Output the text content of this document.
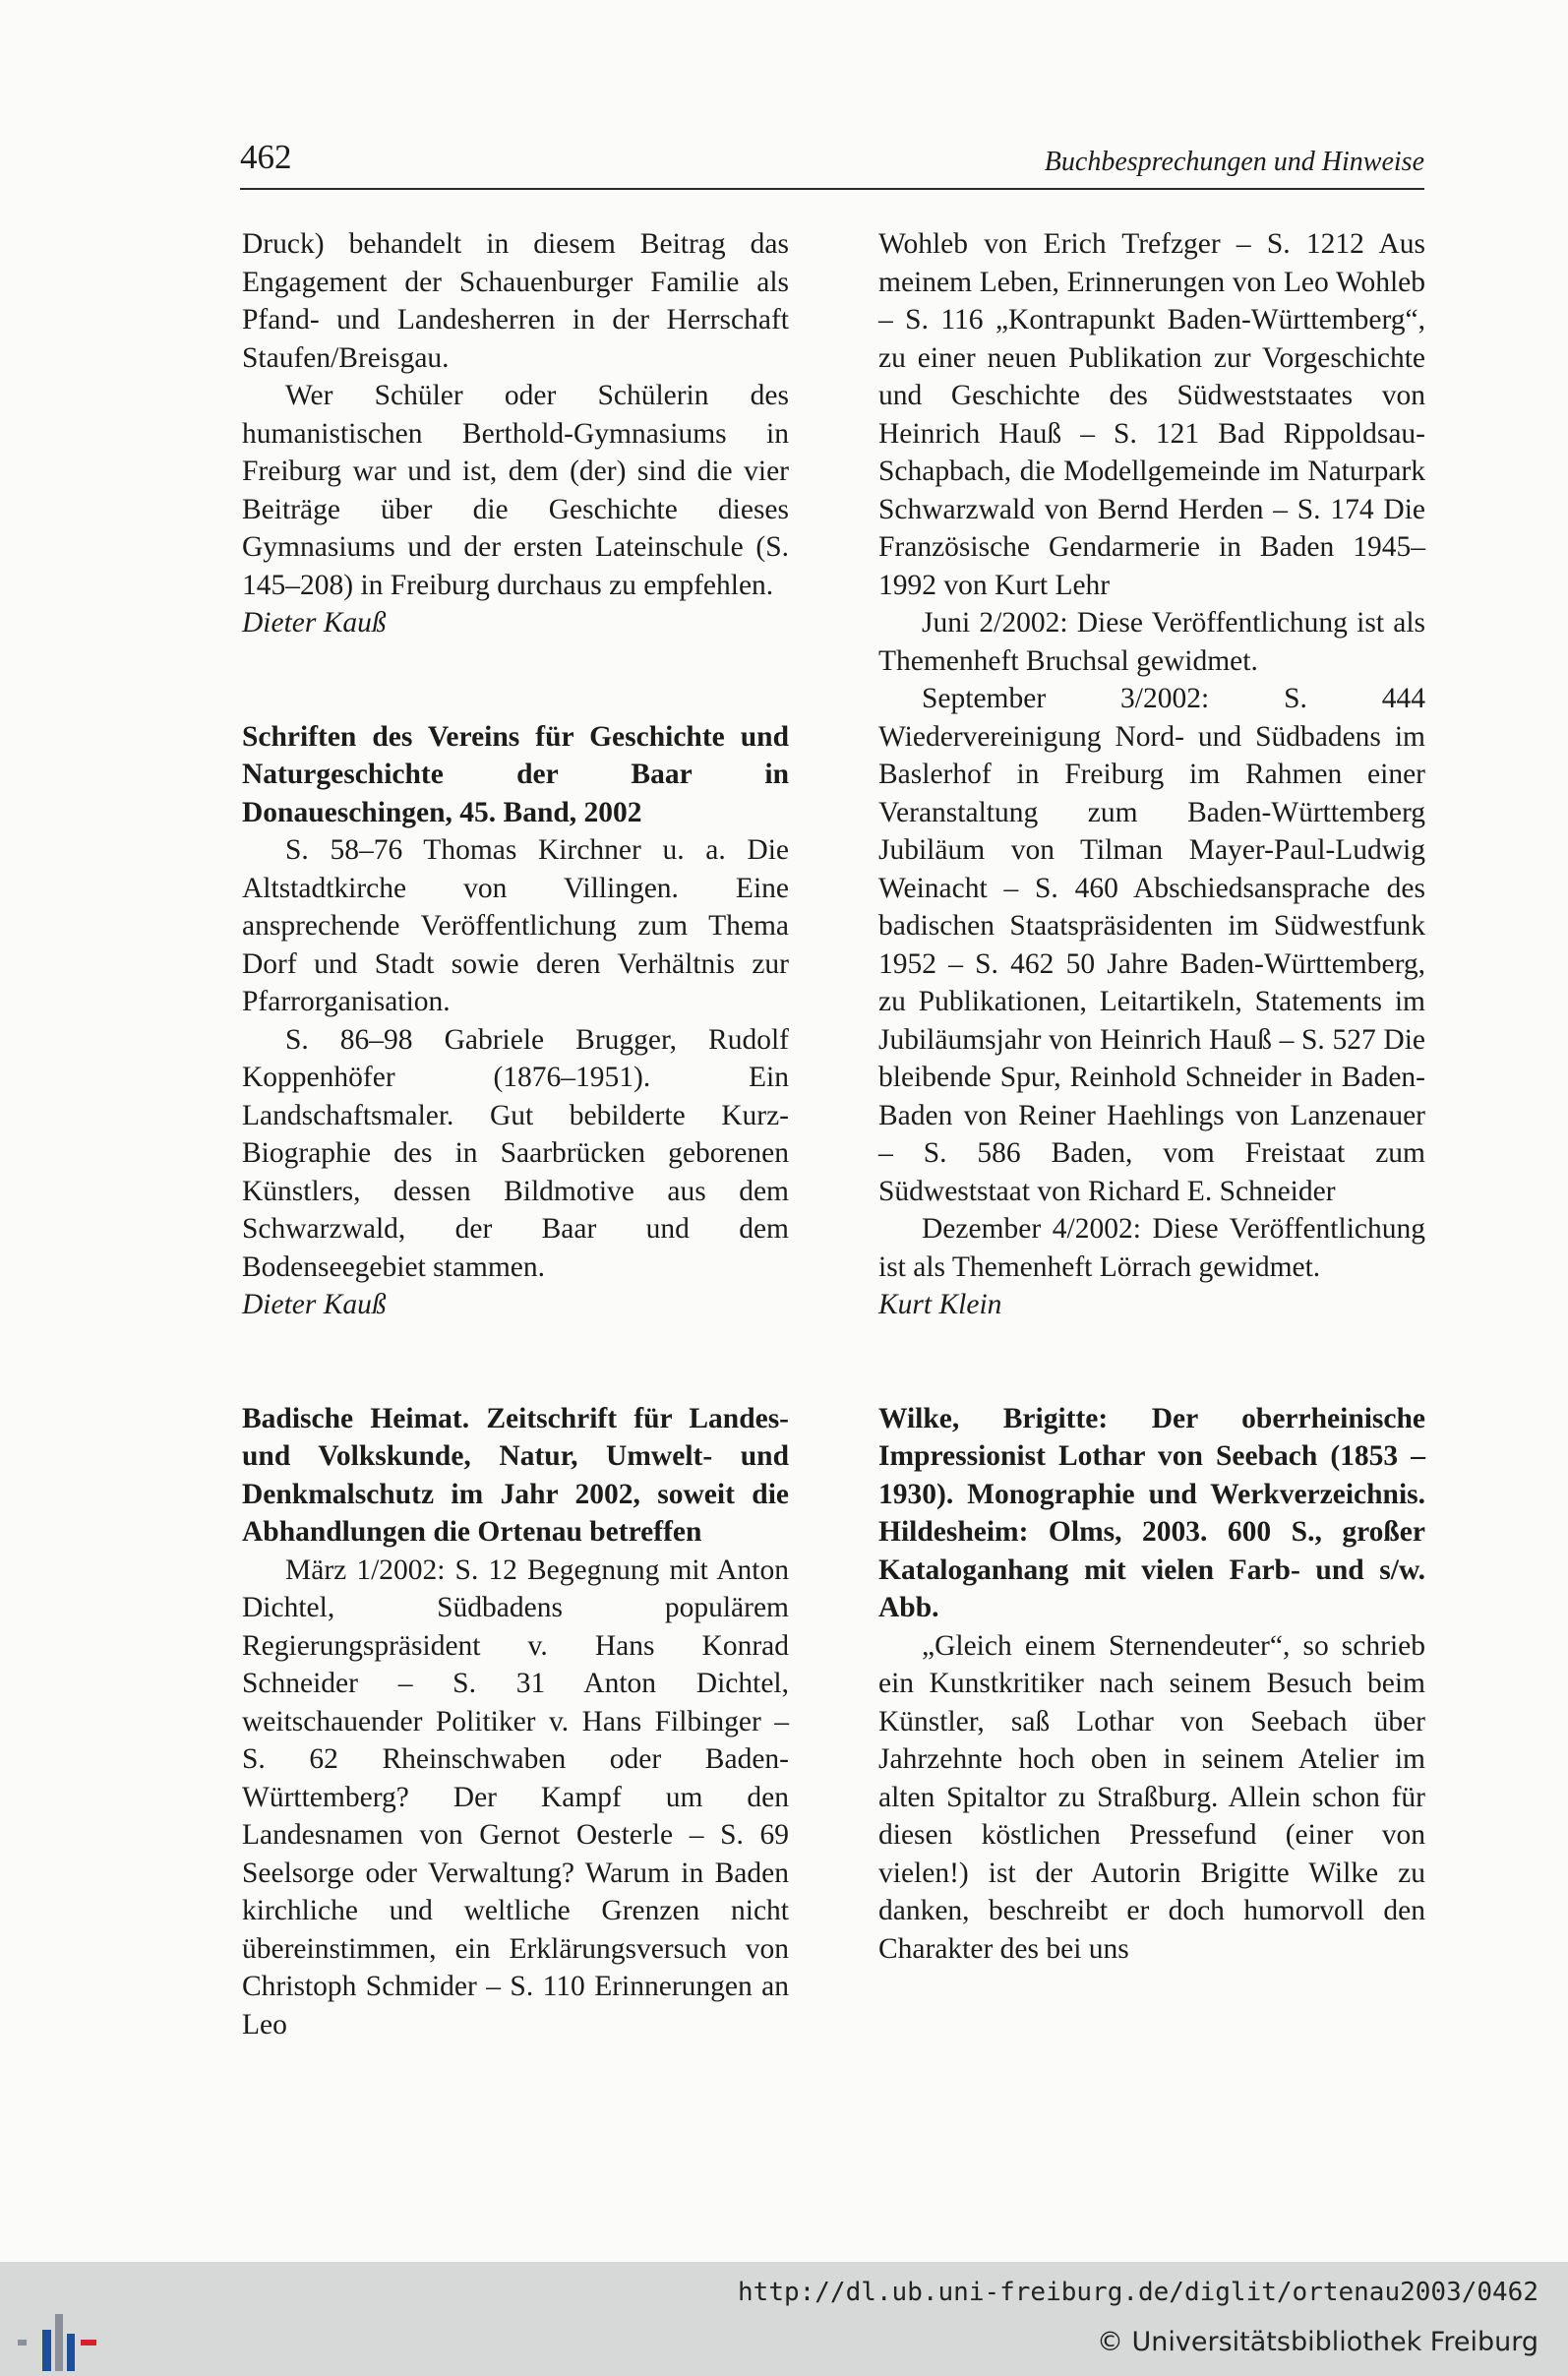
462	Buchbesprechungen und Hinweise

Druck) behandelt in diesem Beitrag das Engagement der Schauenburger Familie als Pfand- und Landesherren in der Herrschaft Staufen/Breisgau.

Wer Schüler oder Schülerin des humanistischen Berthold-Gymnasiums in Freiburg war und ist, dem (der) sind die vier Beiträge über die Geschichte dieses Gymnasiums und der ersten Lateinschule (S. 145–208) in Freiburg durchaus zu empfehlen.

Dieter Kauß

Schriften des Vereins für Geschichte und Naturgeschichte der Baar in Donaueschingen, 45. Band, 2002

S. 58–76 Thomas Kirchner u. a. Die Altstadtkirche von Villingen. Eine ansprechende Veröffentlichung zum Thema Dorf und Stadt sowie deren Verhältnis zur Pfarrorganisation.

S. 86–98 Gabriele Brugger, Rudolf Koppenhöfer (1876–1951). Ein Landschaftsmaler. Gut bebilderte Kurz-Biographie des in Saarbrücken geborenen Künstlers, dessen Bildmotive aus dem Schwarzwald, der Baar und dem Bodenseegebiet stammen.

Dieter Kauß

Badische Heimat. Zeitschrift für Landes- und Volkskunde, Natur, Umwelt- und Denkmalschutz im Jahr 2002, soweit die Abhandlungen die Ortenau betreffen

März 1/2002: S. 12 Begegnung mit Anton Dichtel, Südbadens populärem Regierungspräsident v. Hans Konrad Schneider – S. 31 Anton Dichtel, weitschauender Politiker v. Hans Filbinger – S. 62 Rheinschwaben oder Baden-Württemberg? Der Kampf um den Landesnamen von Gernot Oesterle – S. 69 Seelsorge oder Verwaltung? Warum in Baden kirchliche und weltliche Grenzen nicht übereinstimmen, ein Erklärungsversuch von Christoph Schmider – S. 110 Erinnerungen an Leo

Wohleb von Erich Trefzger – S. 1212 Aus meinem Leben, Erinnerungen von Leo Wohleb – S. 116 „Kontrapunkt Baden-Württemberg“, zu einer neuen Publikation zur Vorgeschichte und Geschichte des Südweststaates von Heinrich Hauß – S. 121 Bad Rippoldsau-Schapbach, die Modellgemeinde im Naturpark Schwarzwald von Bernd Herden – S. 174 Die Französische Gendarmerie in Baden 1945–1992 von Kurt Lehr

Juni 2/2002: Diese Veröffentlichung ist als Themenheft Bruchsal gewidmet.

September 3/2002: S. 444 Wiedervereinigung Nord- und Südbadens im Baslerhof in Freiburg im Rahmen einer Veranstaltung zum Baden-Württemberg Jubiläum von Tilman Mayer-Paul-Ludwig Weinacht – S. 460 Abschiedsansprache des badischen Staatspräsidenten im Südwestfunk 1952 – S. 462 50 Jahre Baden-Württemberg, zu Publikationen, Leitartikeln, Statements im Jubiläumsjahr von Heinrich Hauß – S. 527 Die bleibende Spur, Reinhold Schneider in Baden-Baden von Reiner Haehlings von Lanzenauer – S. 586 Baden, vom Freistaat zum Südweststaat von Richard E. Schneider

Dezember 4/2002: Diese Veröffentlichung ist als Themenheft Lörrach gewidmet.

Kurt Klein

Wilke, Brigitte: Der oberrheinische Impressionist Lothar von Seebach (1853 – 1930). Monographie und Werkverzeichnis. Hildesheim: Olms, 2003. 600 S., großer Kataloganhang mit vielen Farb- und s/w. Abb.

„Gleich einem Sternendeuter“, so schrieb ein Kunstkritiker nach seinem Besuch beim Künstler, saß Lothar von Seebach über Jahrzehnte hoch oben in seinem Atelier im alten Spitaltor zu Straßburg. Allein schon für diesen köstlichen Pressefund (einer von vielen!) ist der Autorin Brigitte Wilke zu danken, beschreibt er doch humorvoll den Charakter des bei uns

http://dl.ub.uni-freiburg.de/diglit/ortenau2003/0462
© Universitätsbibliothek Freiburg
